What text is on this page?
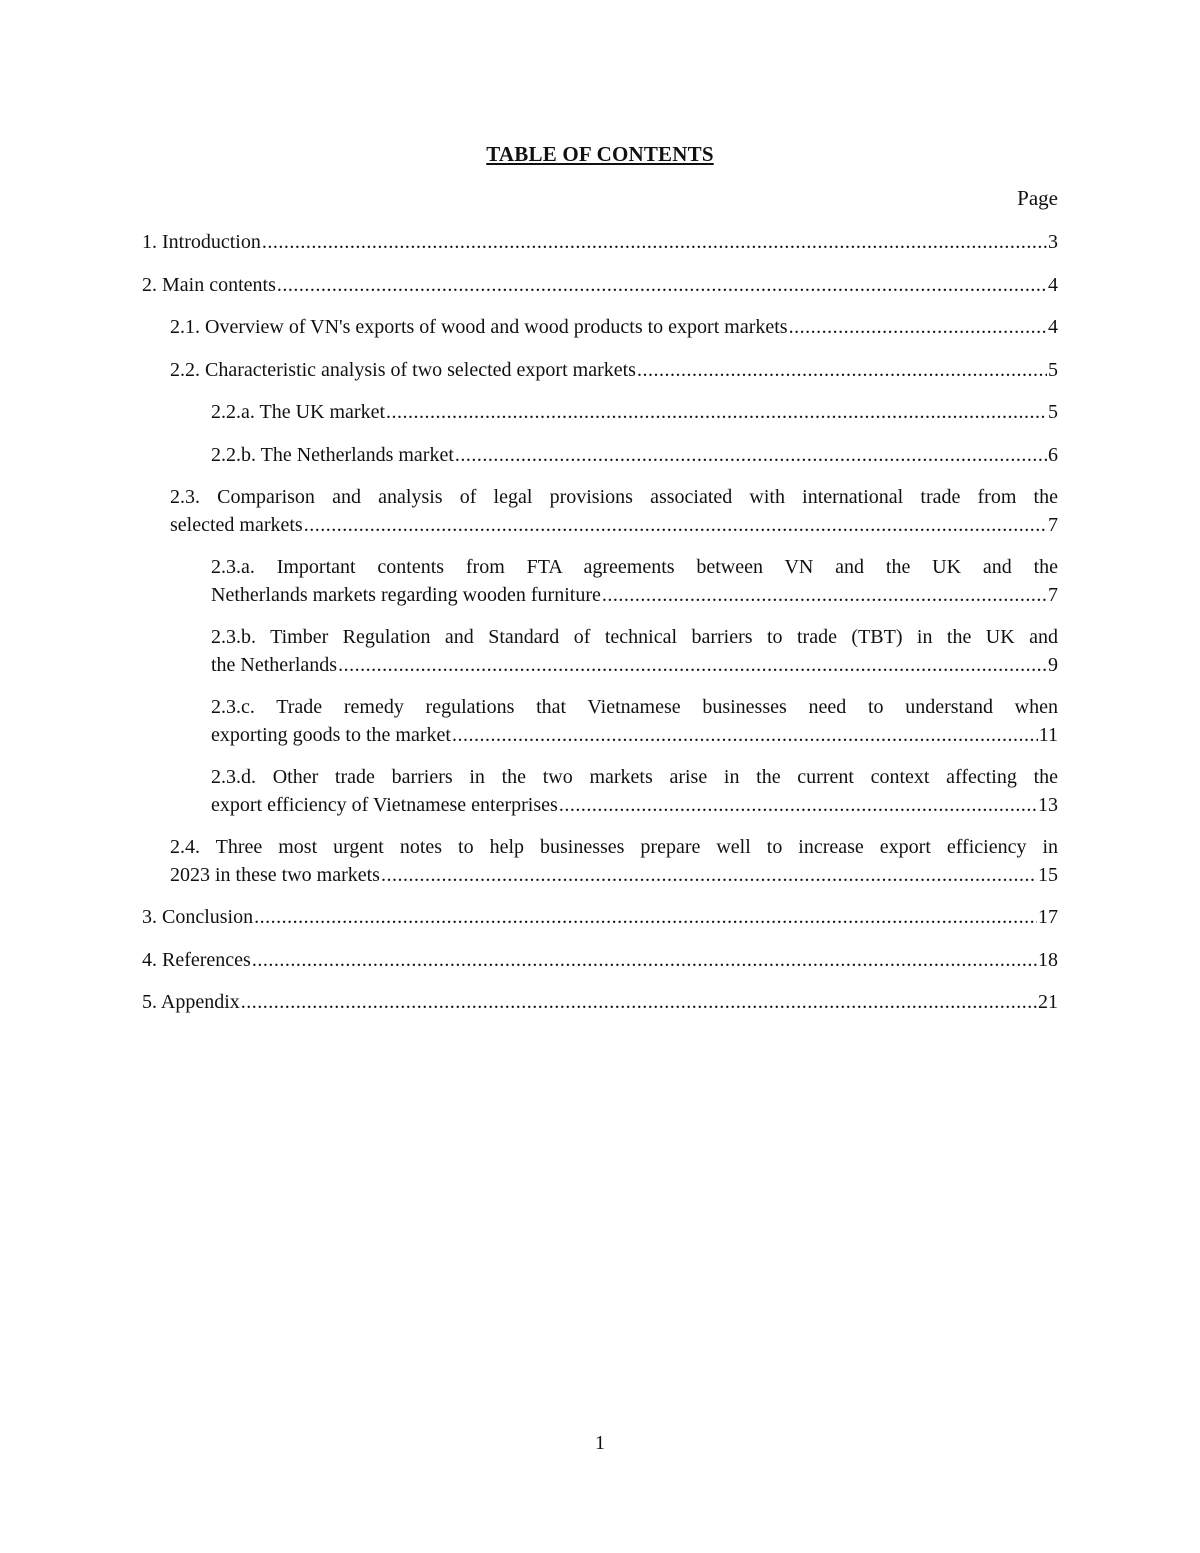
TABLE OF CONTENTS
Page
1. Introduction .....	3
2. Main contents .....	4
2.1. Overview of VN's exports of wood and wood products to export markets .....	4
2.2. Characteristic analysis of two selected export markets .....	5
2.2.a. The UK market .....	5
2.2.b. The Netherlands market .....	6
2.3. Comparison and analysis of legal provisions associated with international trade from the
selected markets .....	7
2.3.a. Important contents from FTA agreements between VN and the UK and the
Netherlands markets regarding wooden furniture .....	7
2.3.b. Timber Regulation and Standard of technical barriers to trade (TBT) in the UK and
the Netherlands .....	9
2.3.c. Trade remedy regulations that Vietnamese businesses need to understand when
exporting goods to the market .....	11
2.3.d. Other trade barriers in the two markets arise in the current context affecting the
export efficiency of Vietnamese enterprises .....	13
2.4. Three most urgent notes to help businesses prepare well to increase export efficiency in
2023 in these two markets .....	15
3. Conclusion .....	17
4. References .....	18
5. Appendix .....	21
1
